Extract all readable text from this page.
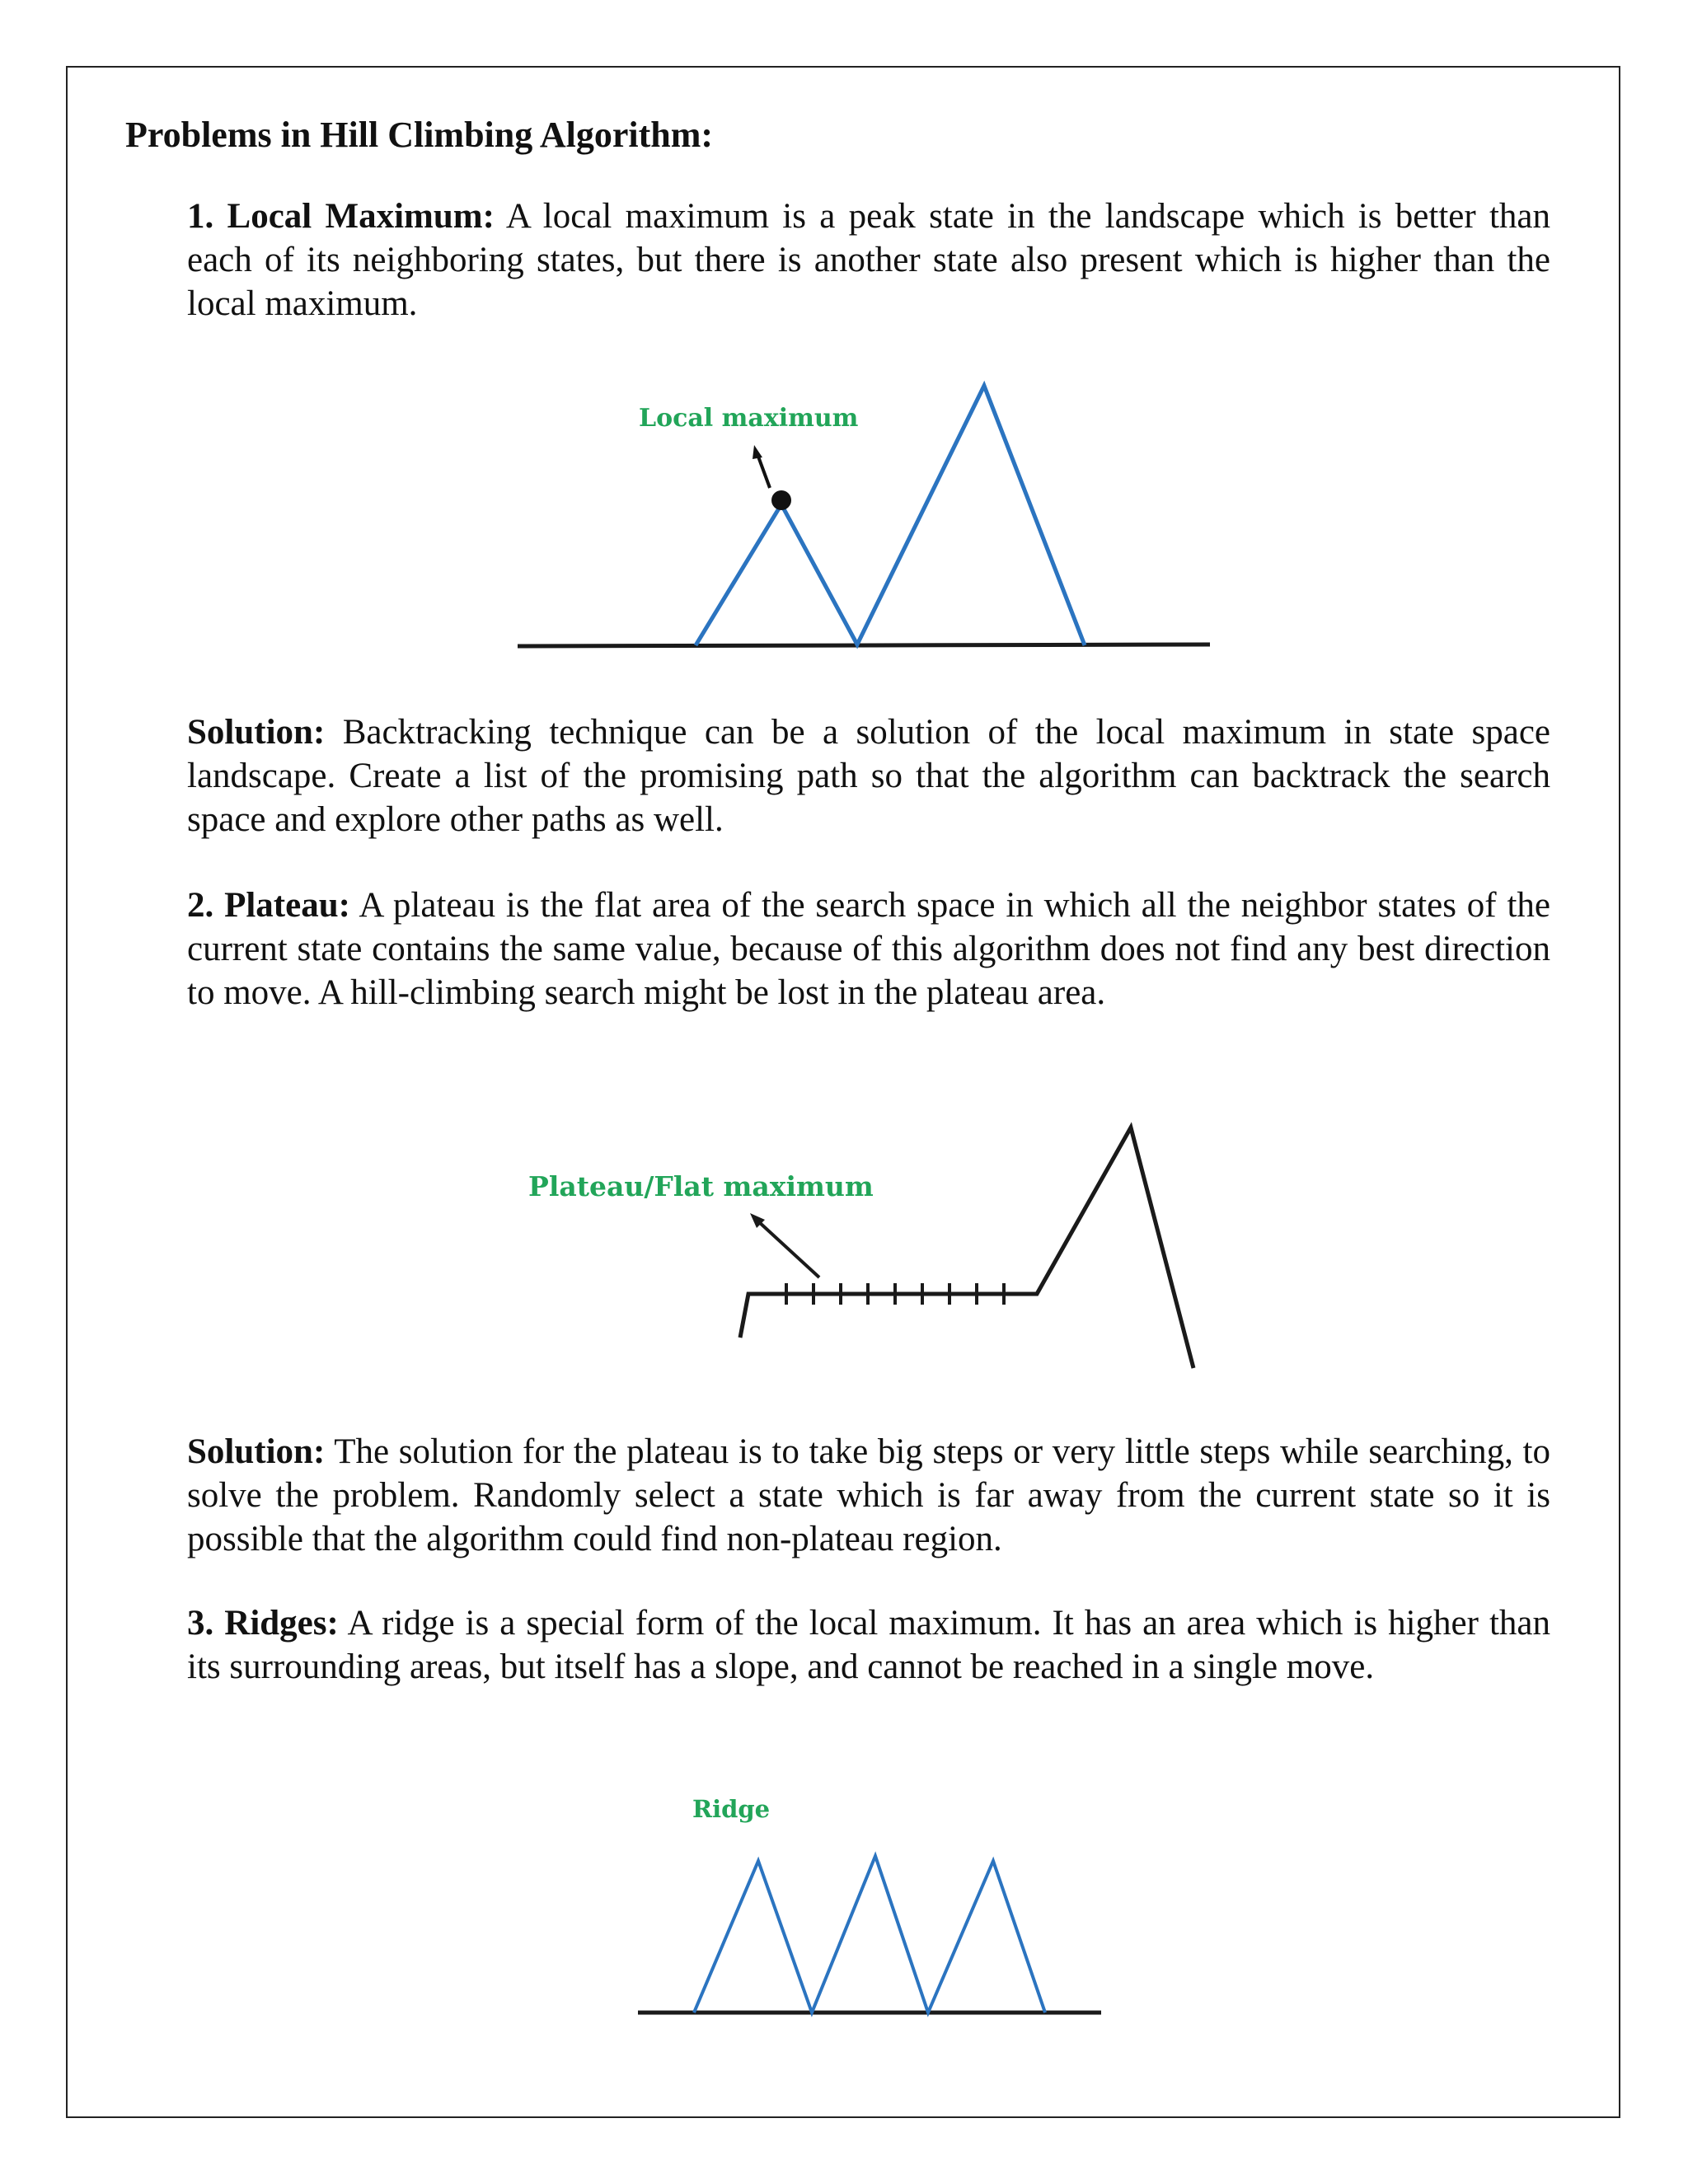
Problems in Hill Climbing Algorithm:

1. Local Maximum: A local maximum is a peak state in the landscape which is better than each of its neighboring states, but there is another state also present which is higher than the local maximum.

Local maximum

Solution: Backtracking technique can be a solution of the local maximum in state space landscape. Create a list of the promising path so that the algorithm can backtrack the search space and explore other paths as well.

2. Plateau: A plateau is the flat area of the search space in which all the neighbor states of the current state contains the same value, because of this algorithm does not find any best direction to move. A hill-climbing search might be lost in the plateau area.

Plateau/Flat maximum

Solution: The solution for the plateau is to take big steps or very little steps while searching, to solve the problem. Randomly select a state which is far away from the current state so it is possible that the algorithm could find non-plateau region.

3. Ridges: A ridge is a special form of the local maximum. It has an area which is higher than its surrounding areas, but itself has a slope, and cannot be reached in a single move.

Ridge
